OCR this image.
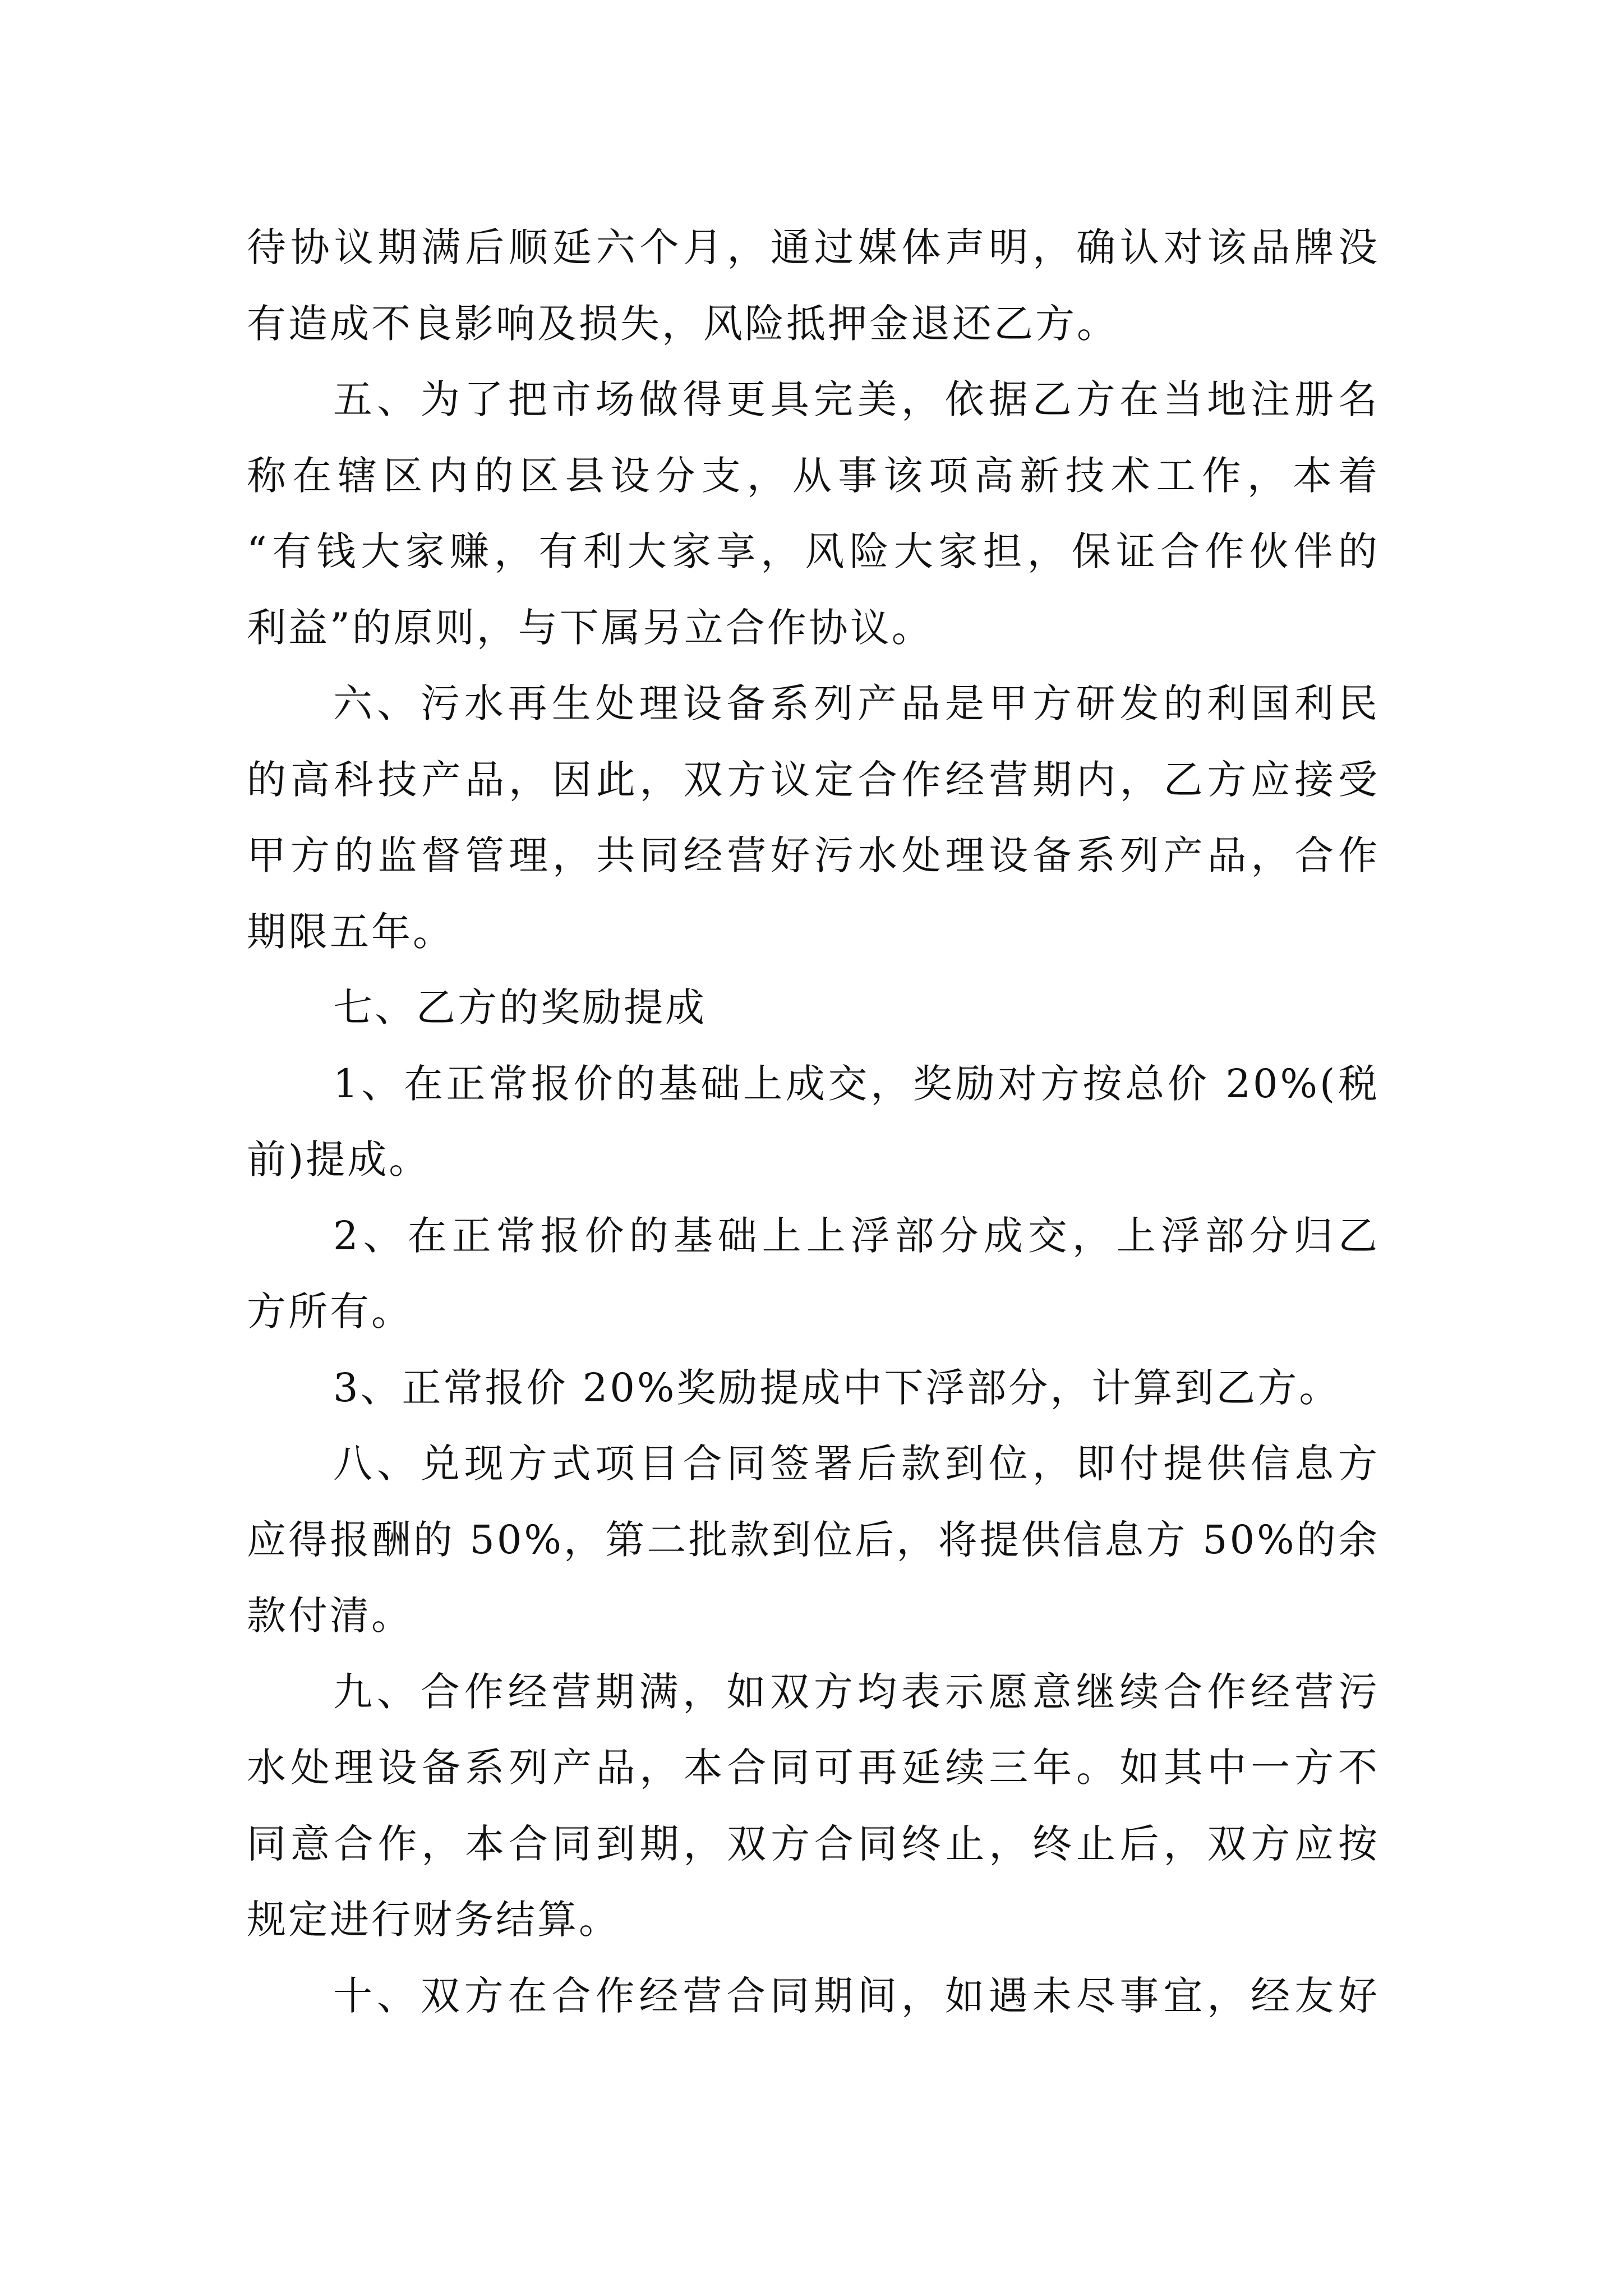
待协议期满后顺延六个月，通过媒体声明，确认对该品牌没
有造成不良影响及损失，风险抵押金退还乙方。
五、为了把市场做得更具完美，依据乙方在当地注册名
称在辖区内的区县设分支，从事该项高新技术工作，本着
“有钱大家赚，有利大家享，风险大家担，保证合作伙伴的
利益”的原则，与下属另立合作协议。
六、污水再生处理设备系列产品是甲方研发的利国利民
的高科技产品，因此，双方议定合作经营期内，乙方应接受
甲方的监督管理，共同经营好污水处理设备系列产品，合作
期限五年。
七、乙方的奖励提成
1、在正常报价的基础上成交，奖励对方按总价 20%(税
前)提成。
2、在正常报价的基础上上浮部分成交，上浮部分归乙
方所有。
3、正常报价 20%奖励提成中下浮部分，计算到乙方。
八、兑现方式项目合同签署后款到位，即付提供信息方
应得报酬的 50%，第二批款到位后，将提供信息方 50%的余
款付清。
九、合作经营期满，如双方均表示愿意继续合作经营污
水处理设备系列产品，本合同可再延续三年。如其中一方不
同意合作，本合同到期，双方合同终止，终止后，双方应按
规定进行财务结算。
十、双方在合作经营合同期间，如遇未尽事宜，经友好
